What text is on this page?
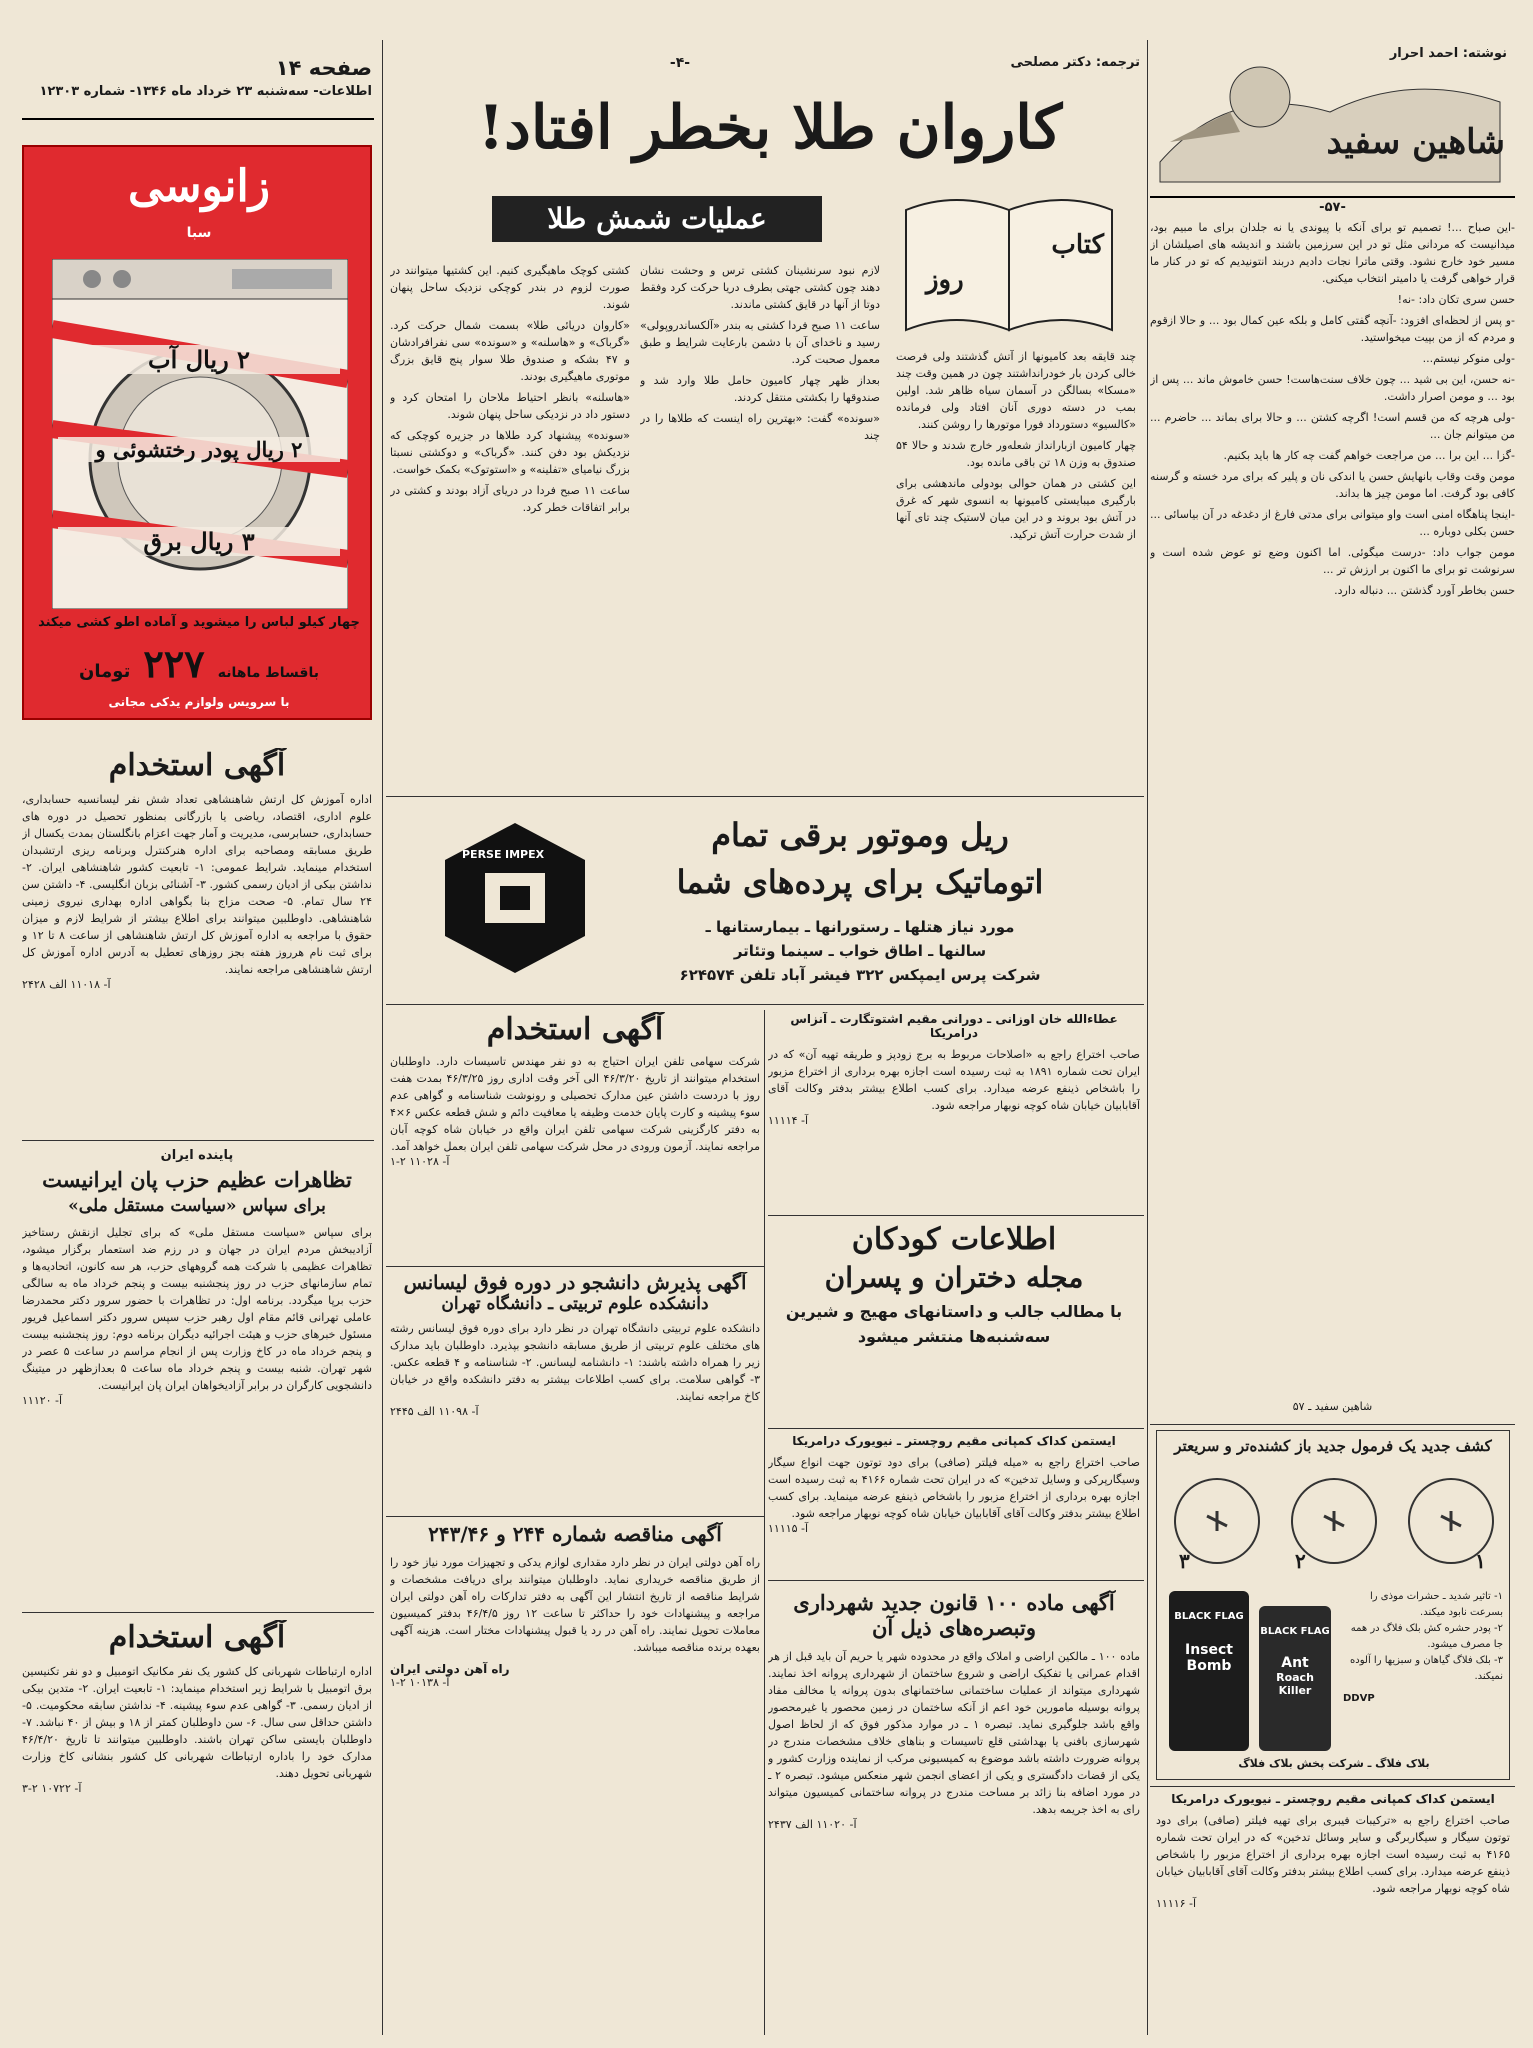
صفحه ۱۴
اطلاعات- سه‌شنبه ۲۳ خرداد ماه ۱۳۴۶- شماره ۱۲۳۰۳
زانوسی
سبا
۲ ریال آب
۲ ریال پودر رختشوئی و
۳ ریال برق
چهار کیلو لباس را میشوید و آماده اطو کشی میکند
باقساط ماهانه ۲۲۷ تومان
با سرویس ولوازم یدکی مجانی
آگهی استخدام
اداره آموزش کل ارتش شاهنشاهی تعداد شش نفر لیسانسیه حسابداری، علوم اداری، اقتصاد، ریاضی یا بازرگانی بمنظور تحصیل در دوره های حسابداری، حسابرسی، مدیریت و آمار جهت اعزام بانگلستان بمدت یکسال از طریق مسابقه ومصاحبه برای اداره هنرکنترل وبرنامه ریزی ارتشبدان استخدام مینماید. شرایط عمومی: ۱- تابعیت کشور شاهنشاهی ایران. ۲- نداشتن بیکی از ادیان رسمی کشور. ۳- آشنائی بزبان انگلیسی. ۴- داشتن سن ۲۴ سال تمام. ۵- صحت مزاج بنا بگواهی اداره بهداری نیروی زمینی شاهنشاهی. داوطلبین میتوانند برای اطلاع بیشتر از شرایط لازم و میزان حقوق با مراجعه به اداره آموزش کل ارتش شاهنشاهی از ساعت ۸ تا ۱۲ و برای ثبت نام هرروز هفته بجز روزهای تعطیل به آدرس اداره آموزش کل ارتش شاهنشاهی مراجعه نمایند.
آ- ۱۱۰۱۸ الف ۲۴۲۸
پاینده ایران
تظاهرات عظیم حزب پان ایرانیست
برای سپاس «سیاست مستقل ملی»
برای سپاس «سیاست مستقل ملی» که برای تجلیل ازنقش رستاخیز آزادیبخش مردم ایران در جهان و در رزم ضد استعمار برگزار میشود، تظاهرات عظیمی با شرکت همه گروههای حزب، هر سه کانون، اتحادیه‌ها و تمام سازمانهای حزب در روز پنجشنبه بیست و پنجم خرداد ماه به سالگی حزب برپا میگردد. برنامه اول: در تظاهرات با حضور سرور دکتر محمدرضا عاملی تهرانی قائم مقام اول رهبر حزب سپس سرور دکتر اسماعیل فریور مسئول خبرهای حزب و هیئت اجرائیه دیگران برنامه دوم: روز پنجشنبه بیست و پنجم خرداد ماه در کاخ وزارت پس از انجام مراسم در ساعت ۵ عصر در شهر تهران. شنبه بیست و پنجم خرداد ماه ساعت ۵ بعدازظهر در میتینگ دانشجویی کارگران در برابر آزادیخواهان ایران پان ایرانیست.
آ- ۱۱۱۲۰
آگهی استخدام
اداره ارتباطات شهربانی کل کشور یک نفر مکانیک اتومبیل و دو نفر تکنیسین برق اتومبیل با شرایط زیر استخدام مینماید: ۱- تابعیت ایران. ۲- متدین بیکی از ادیان رسمی. ۳- گواهی عدم سوء پیشینه. ۴- نداشتن سابقه محکومیت. ۵- داشتن حداقل سی سال. ۶- سن داوطلبان کمتر از ۱۸ و بیش از ۴۰ نباشد. ۷- داوطلبان بایستی ساکن تهران باشند. داوطلبین میتوانند تا تاریخ ۴۶/۴/۲۰ مدارک خود را باداره ارتباطات شهربانی کل کشور بنشانی کاخ وزارت شهربانی تحویل دهند.
آ- ۱۰۷۲۲ ۲-۳
ترجمه: دکتر مصلحی
-۴-
کاروان طلا بخطر افتاد!
عملیات شمش طلا
کتاب
روز

چند قایقه بعد کامیونها از آتش گذشتند ولی فرصت خالی کردن بار خودرانداشتند چون در همین وقت چند «مسکا» بسالگن در آسمان سیاه ظاهر شد. اولین بمب در دسته دوری آنان افتاد ولی فرمانده «کالسیو» دستورداد فورا موتورها را روشن کنند.

چهار کامیون ازبارانداز شعله‌ور خارج شدند و حالا ۵۴ صندوق به وزن ۱۸ تن باقی مانده بود.

این کشتی در همان حوالی بودولی ماندهشی برای بارگیری میبایستی کامیونها به انسوی شهر که غرق در آتش بود بروند و در این میان لاستیک چند تای آنها از شدت حرارت آتش ترکید.

لازم نبود سرنشینان کشتی ترس و وحشت نشان دهند چون کشتی جهتی بطرف دریا حرکت کرد وفقط دوتا از آنها در قایق کشتی ماندند.

ساعت ۱۱ صبح فردا کشتی به بندر «آلکساندروپولی» رسید و ناخدای آن با دشمن بارعایت شرایط و طبق معمول صحبت کرد.

بعداز ظهر چهار کامیون حامل طلا وارد شد و صندوقها را بکشتی منتقل کردند.

«سونده» گفت: «بهترین راه اینست که طلاها را در چند

کشتی کوچک ماهیگیری کنیم. این کشتیها میتوانند در صورت لزوم در بندر کوچکی نزدیک ساحل پنهان شوند.

«کاروان دریائی طلا» بسمت شمال حرکت کرد. «گرباک» و «هاسلنه» و «سونده» سی نفرافرادشان و ۴۷ بشکه و صندوق طلا سوار پنج قایق بزرگ موتوری ماهیگیری بودند.

«هاسلنه» بانظر احتیاط ملاحان را امتحان کرد و دستور داد در نزدیکی ساحل پنهان شوند.

«سونده» پیشنهاد کرد طلاها در جزیره کوچکی که نزدیکش بود دفن کنند. «گرباک» و دوکشتی نسبتا بزرگ نیامیای «تفلینه» و «استوتوک» بکمک خواست.

ساعت ۱۱ صبح فردا در دریای آزاد بودند و کشتی در برابر اتفاقات خطر کرد.

PERSE IMPEX
ریل وموتور برقی تمام
اتوماتیک برای پرده‌های شما
مورد نیاز هتلها ـ رستورانها ـ بیمارستانها ـ
سالنها ـ اطاق خواب ـ سینما وتئاتر
شرکت پرس ایمپکس ۳۲۲ فیشر آباد تلفن ۶۲۴۵۷۴
عطاءالله خان اوزانی ـ دورانی مقیم اشتوتگارت ـ آنزاس درامریکا
صاحب اختراع راجع به «اصلاحات مربوط به برج زودپز و طریقه تهیه آن» که در ایران تحت شماره ۱۸۹۱ به ثبت رسیده است اجازه بهره برداری از اختراع مزبور را باشخاص ذینفع عرضه میدارد. برای کسب اطلاع بیشتر بدفتر وکالت آقای آقابابیان خیابان شاه کوچه نوبهار مراجعه شود.
آ- ۱۱۱۱۴
آگهی استخدام
شرکت سهامی تلفن ایران احتیاج به دو نفر مهندس تاسیسات دارد. داوطلبان استخدام میتوانند از تاریخ ۴۶/۳/۲۰ الی آخر وقت اداری روز ۴۶/۳/۲۵ بمدت هفت روز با دردست داشتن عین مدارک تحصیلی و رونوشت شناسنامه و گواهی عدم سوء پیشینه و کارت پایان خدمت وظیفه یا معافیت دائم و شش قطعه عکس ۶×۴ به دفتر کارگزینی شرکت سهامی تلفن ایران واقع در خیابان شاه کوچه آبان مراجعه نمایند. آزمون ورودی در محل شرکت سهامی تلفن ایران بعمل خواهد آمد.
آ- ۱۱۰۲۸ ۲-۱
اطلاعات کودکان
مجله دختران و پسران
با مطالب جالب و داستانهای مهیج و شیرین
سه‌شنبه‌ها منتشر میشود
ایستمن کداک کمپانی مقیم روچستر ـ نیویورک درامریکا
صاحب اختراع راجع به «میله فیلتر (صافی) برای دود توتون جهت انواع سیگار وسیگارپرکی و وسایل تدخین» که در ایران تحت شماره ۴۱۶۶ به ثبت رسیده است اجازه بهره برداری از اختراع مزبور را باشخاص ذینفع عرضه مینماید. برای کسب اطلاع بیشتر بدفتر وکالت آقای آقابابیان خیابان شاه کوچه نوبهار مراجعه شود.
آ- ۱۱۱۱۵
آگهی ماده ۱۰۰ قانون جدید شهرداری
وتبصره‌های ذیل آن
ماده ۱۰۰ ـ مالکین اراضی و املاک واقع در محدوده شهر یا حریم آن باید قبل از هر اقدام عمرانی یا تفکیک اراضی و شروع ساختمان از شهرداری پروانه اخذ نمایند. شهرداری میتواند از عملیات ساختمانی ساختمانهای بدون پروانه یا مخالف مفاد پروانه بوسیله مامورین خود اعم از آنکه ساختمان در زمین محصور یا غیرمحصور واقع باشد جلوگیری نماید. تبصره ۱ ـ در موارد مذکور فوق که از لحاظ اصول شهرسازی بافنی یا بهداشتی قلع تاسیسات و بناهای خلاف مشخصات مندرج در پروانه ضرورت داشته باشد موضوع به کمیسیونی مرکب از نماینده وزارت کشور و یکی از قضات دادگستری و یکی از اعضای انجمن شهر منعکس میشود. تبصره ۲ ـ در مورد اضافه بنا زائد بر مساحت مندرج در پروانه ساختمانی کمیسیون میتواند رای به اخذ جریمه بدهد.
آ- ۱۱۰۲۰ الف ۲۴۳۷
آگهی پذیرش دانشجو در دوره فوق لیسانس
دانشکده علوم تربیتی ـ دانشگاه تهران
دانشکده علوم تربیتی دانشگاه تهران در نظر دارد برای دوره فوق لیسانس رشته های مختلف علوم تربیتی از طریق مسابقه دانشجو بپذیرد. داوطلبان باید مدارک زیر را همراه داشته باشند: ۱- دانشنامه لیسانس. ۲- شناسنامه و ۴ قطعه عکس. ۳- گواهی سلامت. برای کسب اطلاعات بیشتر به دفتر دانشکده واقع در خیابان کاخ مراجعه نمایند.
آ- ۱۱۰۹۸ الف ۲۴۴۵
آگهی مناقصه شماره ۲۴۴ و ۲۴۳/۴۶
راه آهن دولتی ایران در نظر دارد مقداری لوازم یدکی و تجهیزات مورد نیاز خود را از طریق مناقصه خریداری نماید. داوطلبان میتوانند برای دریافت مشخصات و شرایط مناقصه از تاریخ انتشار این آگهی به دفتر تدارکات راه آهن دولتی ایران مراجعه و پیشنهادات خود را حداکثر تا ساعت ۱۲ روز ۴۶/۴/۵ بدفتر کمیسیون معاملات تحویل نمایند. راه آهن در رد یا قبول پیشنهادات مختار است. هزینه آگهی بعهده برنده مناقصه میباشد.
راه آهن دولتی ایران
آ- ۱۰۱۳۸ ۲-۱
نوشته: احمد احرار
شاهین سفید
-۵۷-

-این صباح ...! تصمیم تو برای آنکه با پیوندی یا نه جلدان برای ما مبیم بود، میدانیست که مردانی مثل تو در این سرزمین باشند و اندیشه های اصیلشان از مسیر خود خارج نشود. وقتی ماترا نجات دادیم دربند انتونیدیم که تو در کنار ما قرار خواهی گرفت یا دامیتر انتخاب میکنی.

حسن سری تکان داد: -نه!

-و پس از لحظه‌ای افزود: -آنچه گفتی کامل و بلکه عین کمال بود ... و حالا ازقوم و مردم که از من بپیت میخواستید.

-ولی منوکر نیستم...

-نه حسن، این بی شید ... چون خلاف سنت‌هاست! حسن خاموش ماند ... پس از بود ... و مومن اصرار داشت.

-ولی هرچه که من قسم است! اگرچه کشتن ... و حالا برای بماند ... حاضرم ... من میتوانم جان ...

-گزا ... این برا ... من مراجعت خواهم گفت چه کار ها باید بکنیم.

مومن وقت وقاب بانهایش حسن یا اندکی نان و پلیر که برای مرد خسته و گرسنه کافی بود گرفت. اما مومن چیز ها بداند.

-اینجا پناهگاه امنی است واو میتوانی برای مدتی فارغ از دغدغه در آن بیاسائی ... حسن بکلی دوباره ...

مومن جواب داد: -درست میگوئی. اما اکنون وضع تو عوض شده است و سرنوشت تو برای ما اکنون بر ارزش تر ...

حسن بخاطر آورد گذشتن ... دنباله دارد.

شاهین سفید ـ ۵۷
کشف جدید یک فرمول جدید باز کشنده‌تر و سریعتر
۳	۲	۱
BLACK FLAG
Insect
Bomb
BLACK FLAG
Ant
Roach Killer
۱- تاثیر شدید ـ حشرات موذی را بسرعت نابود میکند.
۲- پودر حشره کش بلک فلاگ در همه جا مصرف میشود.
۳- بلک فلاگ گیاهان و سبزیها را آلوده نمیکند.
DDVP
بلاک فلاگ ـ شرکت پخش بلاک فلاگ
ایستمن کداک کمپانی مقیم روچستر ـ نیویورک درامریکا
صاحب اختراع راجع به «ترکیبات فیبری برای تهیه فیلتر (صافی) برای دود توتون سیگار و سیگاربرگی و سایر وسائل تدخین» که در ایران تحت شماره ۴۱۶۵ به ثبت رسیده است اجازه بهره برداری از اختراع مزبور را باشخاص ذینفع عرضه میدارد. برای کسب اطلاع بیشتر بدفتر وکالت آقای آقابابیان خیابان شاه کوچه نوبهار مراجعه شود.
آ- ۱۱۱۱۶
